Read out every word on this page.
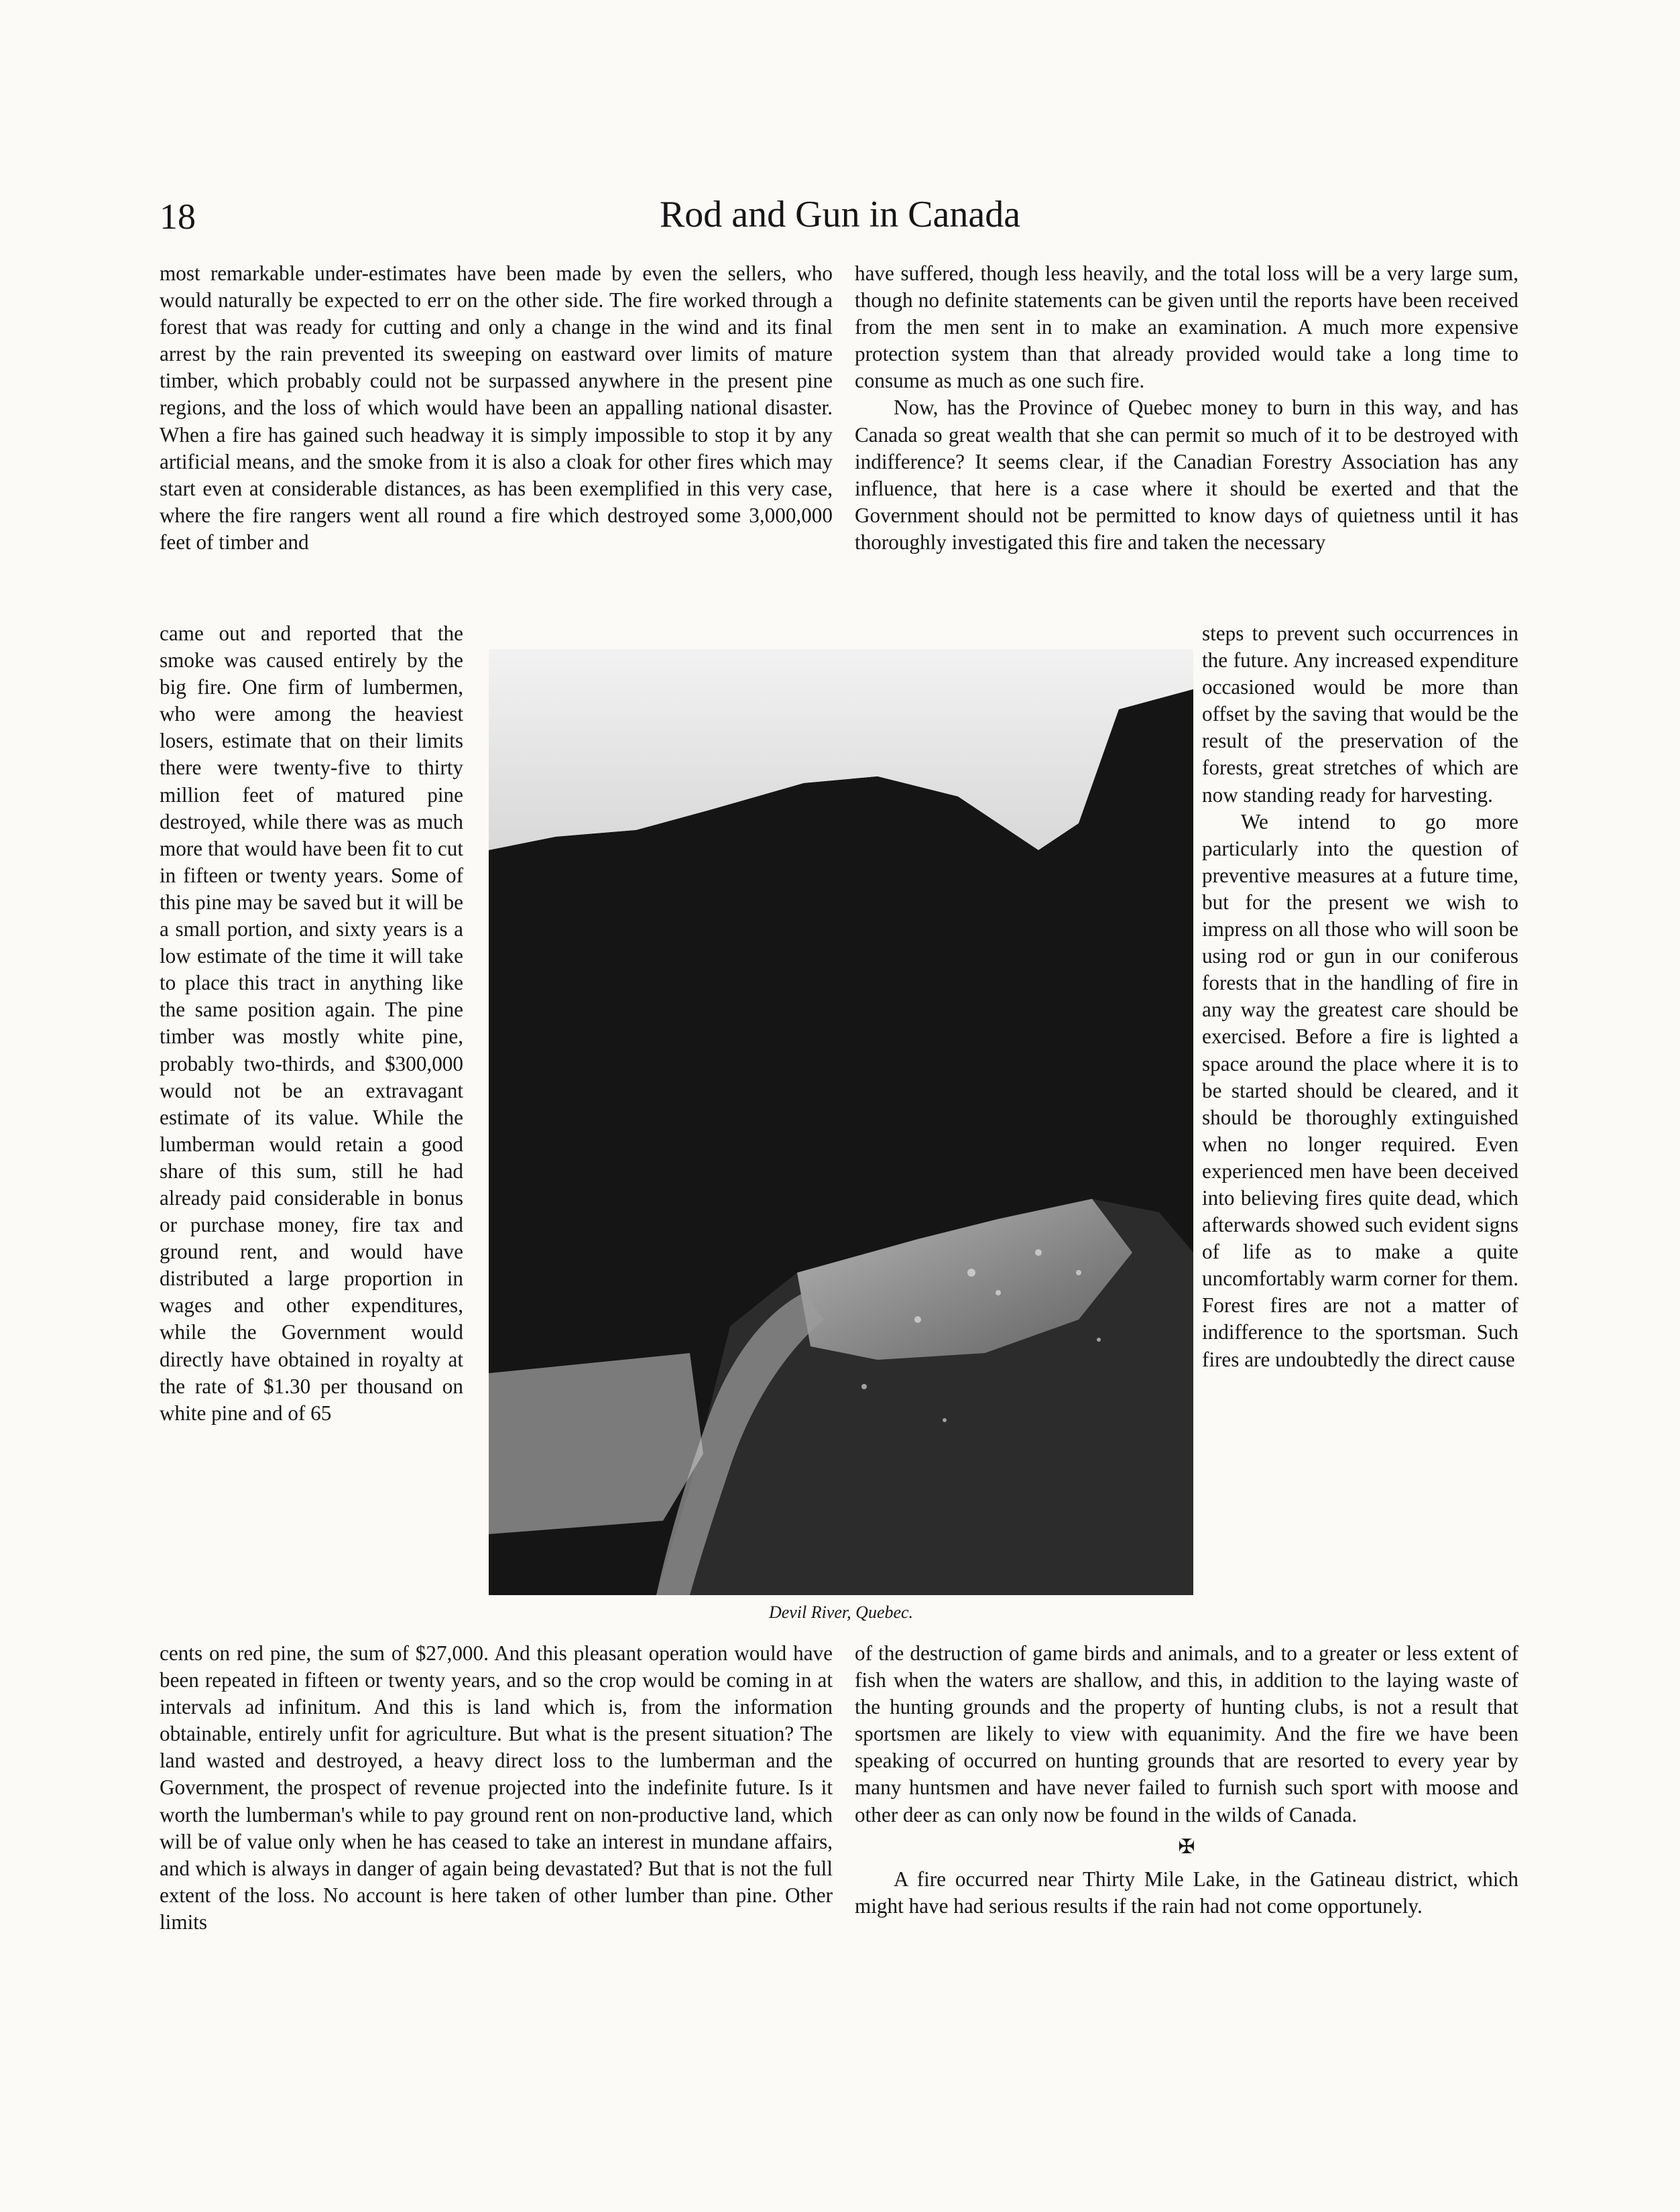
18	Rod and Gun in Canada

most remarkable under-estimates have been made by even the sellers, who would naturally be expected to err on the other side. The fire worked through a forest that was ready for cutting and only a change in the wind and its final arrest by the rain prevented its sweeping on eastward over limits of mature timber, which probably could not be surpassed anywhere in the present pine regions, and the loss of which would have been an appalling national disaster. When a fire has gained such headway it is simply impossible to stop it by any artificial means, and the smoke from it is also a cloak for other fires which may start even at considerable distances, as has been exemplified in this very case, where the fire rangers went all round a fire which destroyed some 3,000,000 feet of timber and

came out and reported that the smoke was caused entirely by the big fire. One firm of lumbermen, who were among the heaviest losers, estimate that on their limits there were twenty-five to thirty million feet of matured pine destroyed, while there was as much more that would have been fit to cut in fifteen or twenty years. Some of this pine may be saved but it will be a small portion, and sixty years is a low estimate of the time it will take to place this tract in anything like the same position again. The pine timber was mostly white pine, probably two-thirds, and $300,000 would not be an extravagant estimate of its value. While the lumberman would retain a good share of this sum, still he had already paid considerable in bonus or purchase money, fire tax and ground rent, and would have distributed a large proportion in wages and other expenditures, while the Government would directly have obtained in royalty at the rate of $1.30 per thousand on white pine and of 65

Devil River, Quebec.

cents on red pine, the sum of $27,000. And this pleasant operation would have been repeated in fifteen or twenty years, and so the crop would be coming in at intervals ad infinitum. And this is land which is, from the information obtainable, entirely unfit for agriculture. But what is the present situation? The land wasted and destroyed, a heavy direct loss to the lumberman and the Government, the prospect of revenue projected into the indefinite future. Is it worth the lumberman's while to pay ground rent on non-productive land, which will be of value only when he has ceased to take an interest in mundane affairs, and which is always in danger of again being devastated? But that is not the full extent of the loss. No account is here taken of other lumber than pine. Other limits

have suffered, though less heavily, and the total loss will be a very large sum, though no definite statements can be given until the reports have been received from the men sent in to make an examination. A much more expensive protection system than that already provided would take a long time to consume as much as one such fire.

Now, has the Province of Quebec money to burn in this way, and has Canada so great wealth that she can permit so much of it to be destroyed with indifference? It seems clear, if the Canadian Forestry Association has any influence, that here is a case where it should be exerted and that the Government should not be permitted to know days of quietness until it has thoroughly investigated this fire and taken the necessary

steps to prevent such occurrences in the future. Any increased expenditure occasioned would be more than offset by the saving that would be the result of the preservation of the forests, great stretches of which are now standing ready for harvesting.

We intend to go more particularly into the question of preventive measures at a future time, but for the present we wish to impress on all those who will soon be using rod or gun in our coniferous forests that in the handling of fire in any way the greatest care should be exercised. Before a fire is lighted a space around the place where it is to be started should be cleared, and it should be thoroughly extinguished when no longer required. Even experienced men have been deceived into believing fires quite dead, which afterwards showed such evident signs of life as to make a quite uncomfortably warm corner for them. Forest fires are not a matter of indifference to the sportsman. Such fires are undoubtedly the direct cause

of the destruction of game birds and animals, and to a greater or less extent of fish when the waters are shallow, and this, in addition to the laying waste of the hunting grounds and the property of hunting clubs, is not a result that sportsmen are likely to view with equanimity. And the fire we have been speaking of occurred on hunting grounds that are resorted to every year by many huntsmen and have never failed to furnish such sport with moose and other deer as can only now be found in the wilds of Canada.

✠

A fire occurred near Thirty Mile Lake, in the Gatineau district, which might have had serious results if the rain had not come opportunely.
